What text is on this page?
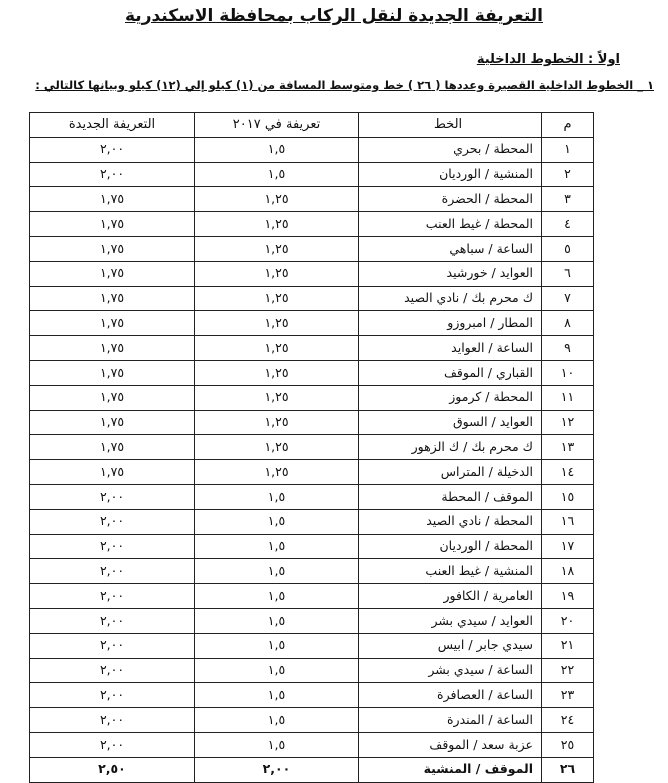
التعريفة الجديدة لنقل الركاب بمحافظة الاسكندرية
اولاً : الخطوط الداخلية
١ _ الخطوط الداخلية القصيرة وعددها ( ٢٦ ) خط ومتوسط المسافة من (١) كيلو إلي (١٢) كيلو وبيانها كالتالي :
م	الخط	تعريفة في ٢٠١٧	التعريفة الجديدة
١	المحطة / بحري	١,٥	٢,٠٠
٢	المنشية / الورديان	١,٥	٢,٠٠
٣	المحطة / الحضرة	١,٢٥	١,٧٥
٤	المحطة / غيط العنب	١,٢٥	١,٧٥
٥	الساعة / سباهي	١,٢٥	١,٧٥
٦	العوايد / خورشيد	١,٢٥	١,٧٥
٧	ك محرم بك / نادي الصيد	١,٢٥	١,٧٥
٨	المطار / امبروزو	١,٢٥	١,٧٥
٩	الساعة / العوايد	١,٢٥	١,٧٥
١٠	القباري / الموقف	١,٢٥	١,٧٥
١١	المحطة / كرموز	١,٢٥	١,٧٥
١٢	العوايد / السوق	١,٢٥	١,٧٥
١٣	ك محرم بك / ك الزهور	١,٢٥	١,٧٥
١٤	الدخيلة / المتراس	١,٢٥	١,٧٥
١٥	الموقف / المحطة	١,٥	٢,٠٠
١٦	المحطة / نادي الصيد	١,٥	٢,٠٠
١٧	المحطة / الورديان	١,٥	٢,٠٠
١٨	المنشية / غيط العنب	١,٥	٢,٠٠
١٩	العامرية / الكافور	١,٥	٢,٠٠
٢٠	العوايد / سيدي بشر	١,٥	٢,٠٠
٢١	سيدي جابر / ابيس	١,٥	٢,٠٠
٢٢	الساعة / سيدي بشر	١,٥	٢,٠٠
٢٣	الساعة / العصافرة	١,٥	٢,٠٠
٢٤	الساعة / المندرة	١,٥	٢,٠٠
٢٥	عزبة سعد / الموقف	١,٥	٢,٠٠
٢٦	الموقف / المنشية	٢,٠٠	٢,٥٠
